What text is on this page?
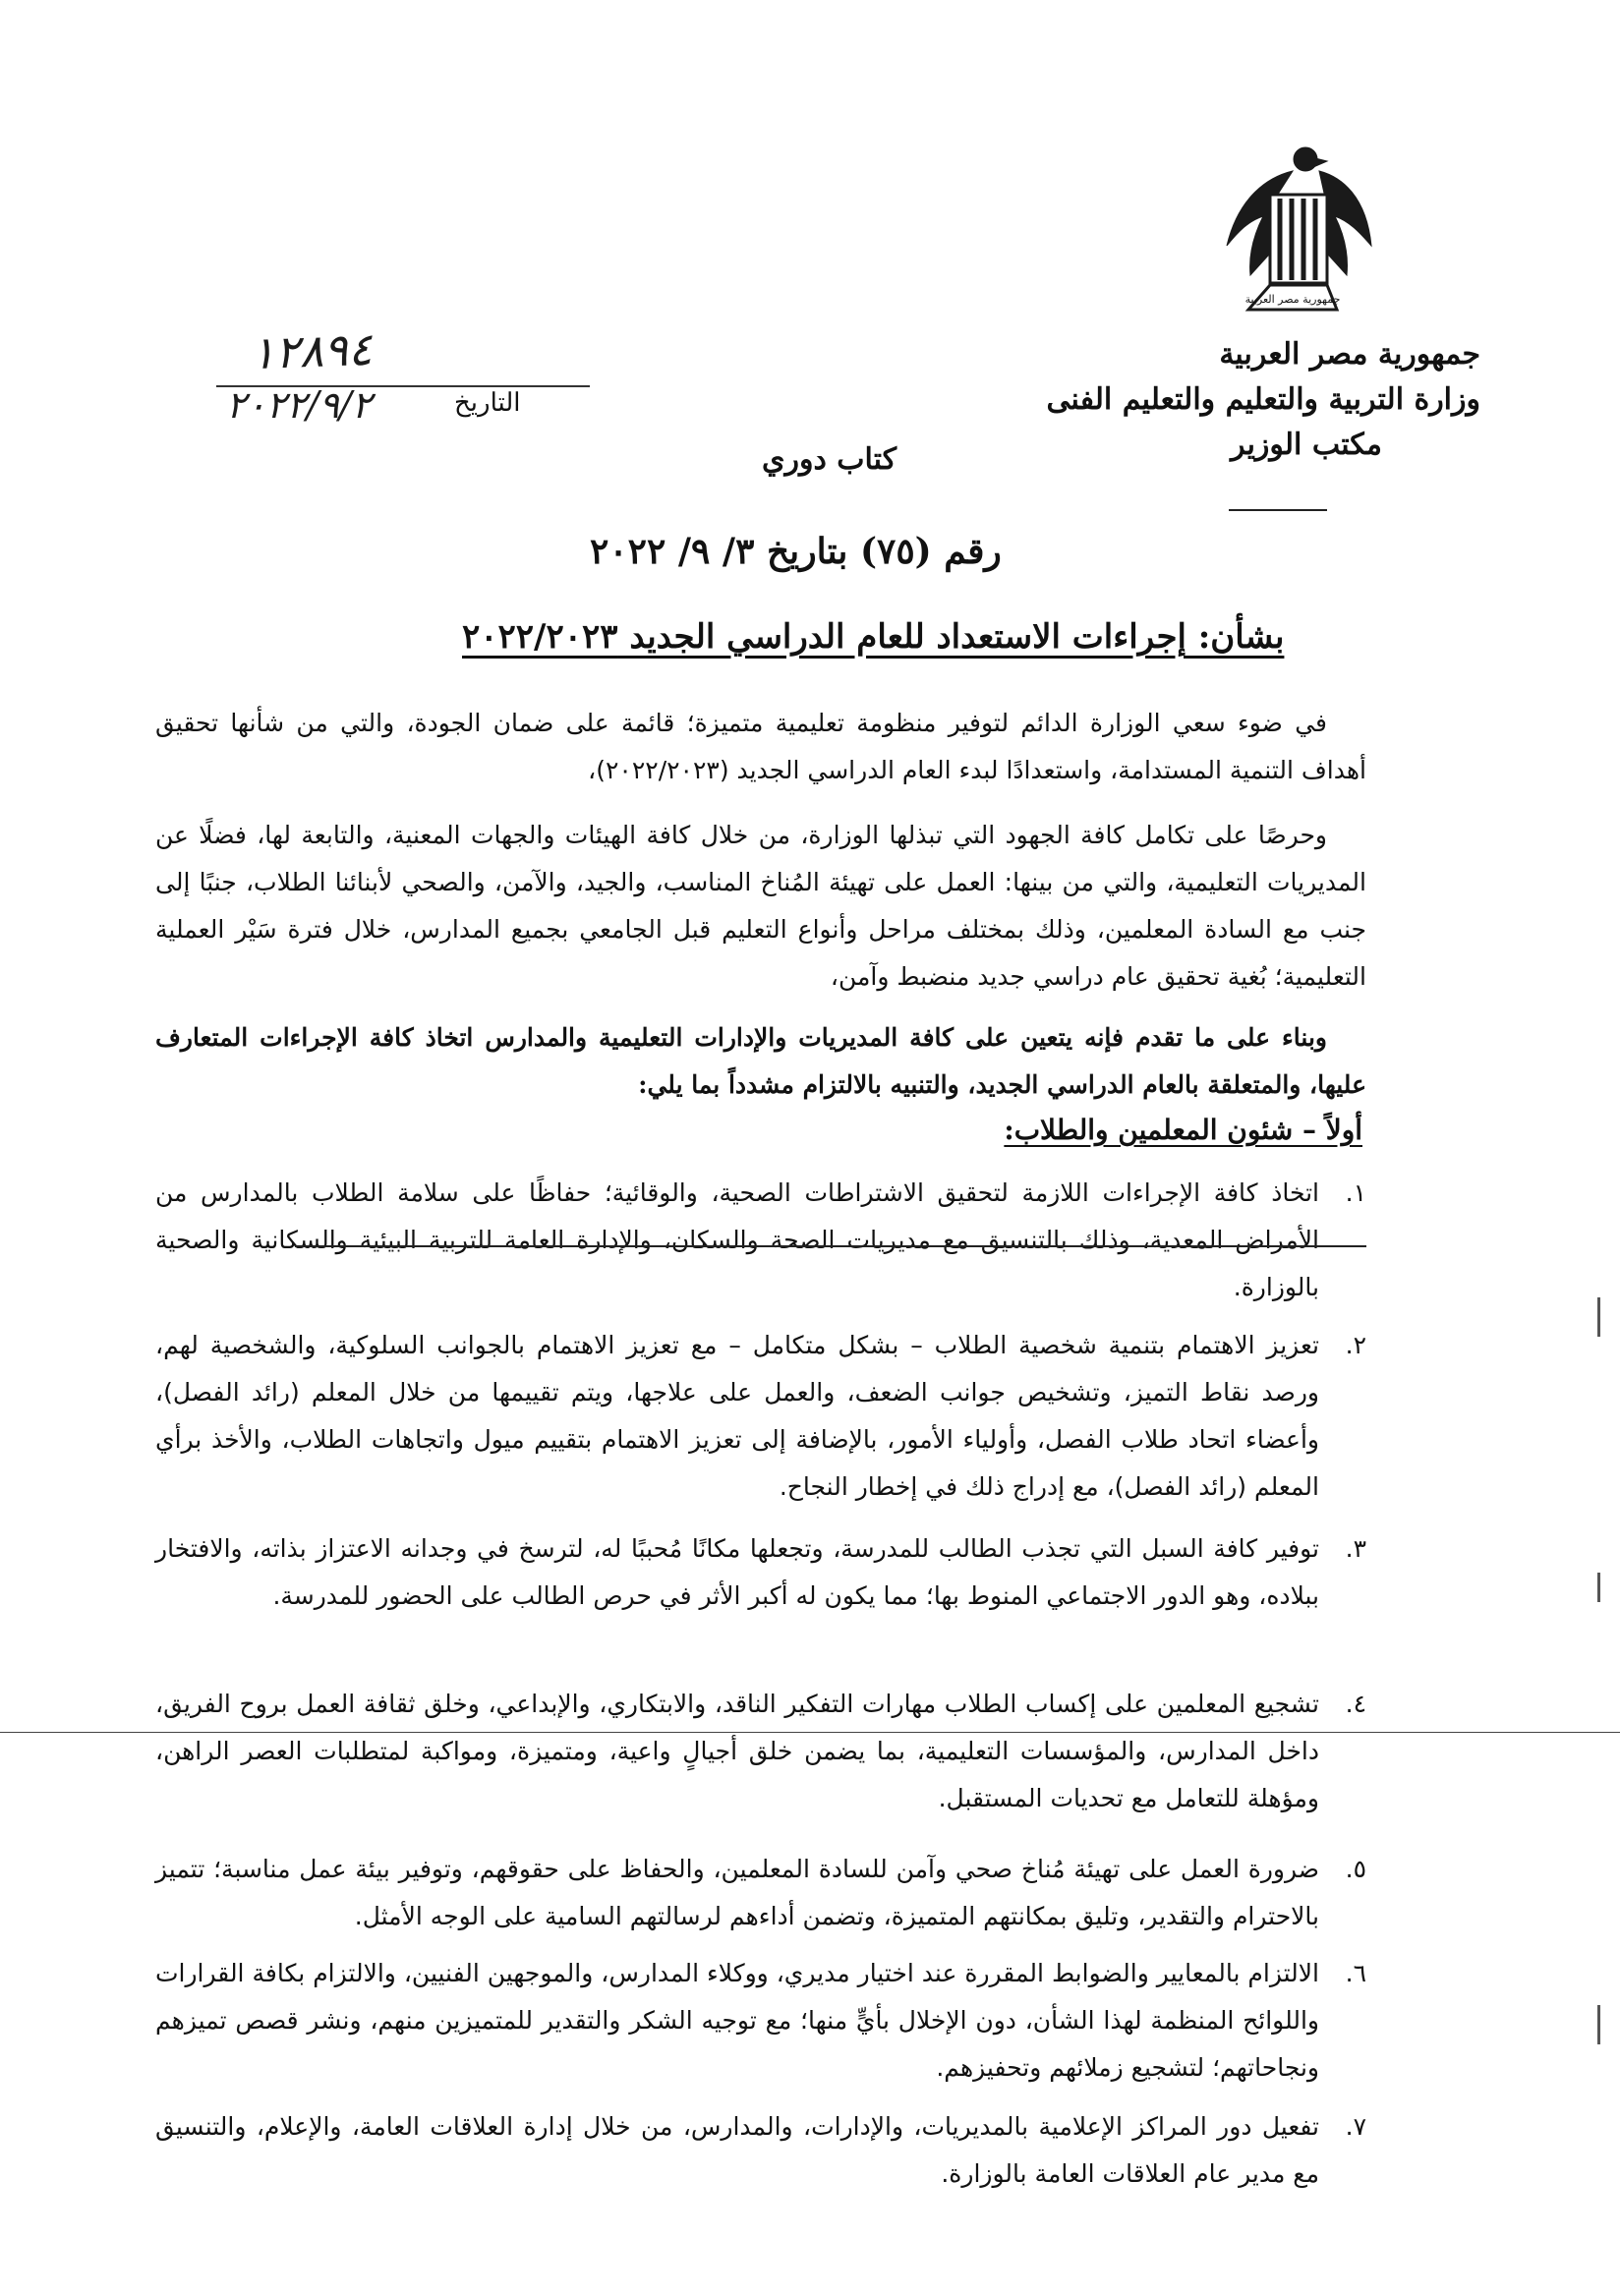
جمهورية مصر العربية
جمهورية مصر العربية
وزارة التربية والتعليم والتعليم الفنى
مكتب الوزير
١٢٨٩٤
٢٠٢٢/٩/٢	التاريخ
كتاب دوري
رقم (٧٥) بتاريخ ٣/ ٩/ ٢٠٢٢
بشأن: إجراءات الاستعداد للعام الدراسي الجديد ٢٠٢٢/٢٠٢٣

في ضوء سعي الوزارة الدائم لتوفير منظومة تعليمية متميزة؛ قائمة على ضمان الجودة، والتي من شأنها تحقيق أهداف التنمية المستدامة، واستعدادًا لبدء العام الدراسي الجديد (٢٠٢٢/٢٠٢٣)،

وحرصًا على تكامل كافة الجهود التي تبذلها الوزارة، من خلال كافة الهيئات والجهات المعنية، والتابعة لها، فضلًا عن المديريات التعليمية، والتي من بينها: العمل على تهيئة المُناخ المناسب، والجيد، والآمن، والصحي لأبنائنا الطلاب، جنبًا إلى جنب مع السادة المعلمين، وذلك بمختلف مراحل وأنواع التعليم قبل الجامعي بجميع المدارس، خلال فترة سَيْر العملية التعليمية؛ بُغية تحقيق عام دراسي جديد منضبط وآمن،

وبناء على ما تقدم فإنه يتعين على كافة المديريات والإدارات التعليمية والمدارس اتخاذ كافة الإجراءات المتعارف عليها، والمتعلقة بالعام الدراسي الجديد، والتنبيه بالالتزام مشدداً بما يلي:

أولاً – شئون المعلمين والطلاب:
١.
اتخاذ كافة الإجراءات اللازمة لتحقيق الاشتراطات الصحية، والوقائية؛ حفاظًا على سلامة الطلاب بالمدارس من الأمراض المعدية، وذلك بالتنسيق مع مديريات الصحة والسكان، والإدارة العامة للتربية البيئية والسكانية والصحية بالوزارة.
٢.
تعزيز الاهتمام بتنمية شخصية الطلاب – بشكل متكامل – مع تعزيز الاهتمام بالجوانب السلوكية، والشخصية لهم، ورصد نقاط التميز، وتشخيص جوانب الضعف، والعمل على علاجها، ويتم تقييمها من خلال المعلم (رائد الفصل)، وأعضاء اتحاد طلاب الفصل، وأولياء الأمور، بالإضافة إلى تعزيز الاهتمام بتقييم ميول واتجاهات الطلاب، والأخذ برأي المعلم (رائد الفصل)، مع إدراج ذلك في إخطار النجاح.
٣.
توفير كافة السبل التي تجذب الطالب للمدرسة، وتجعلها مكانًا مُحببًا له، لترسخ في وجدانه الاعتزاز بذاته، والافتخار ببلاده، وهو الدور الاجتماعي المنوط بها؛ مما يكون له أكبر الأثر في حرص الطالب على الحضور للمدرسة.
٤.
تشجيع المعلمين على إكساب الطلاب مهارات التفكير الناقد، والابتكاري، والإبداعي، وخلق ثقافة العمل بروح الفريق، داخل المدارس، والمؤسسات التعليمية، بما يضمن خلق أجيالٍ واعية، ومتميزة، ومواكبة لمتطلبات العصر الراهن، ومؤهلة للتعامل مع تحديات المستقبل.
٥.
ضرورة العمل على تهيئة مُناخ صحي وآمن للسادة المعلمين، والحفاظ على حقوقهم، وتوفير بيئة عمل مناسبة؛ تتميز بالاحترام والتقدير، وتليق بمكانتهم المتميزة، وتضمن أداءهم لرسالتهم السامية على الوجه الأمثل.
٦.
الالتزام بالمعايير والضوابط المقررة عند اختيار مديري، ووكلاء المدارس، والموجهين الفنيين، والالتزام بكافة القرارات واللوائح المنظمة لهذا الشأن، دون الإخلال بأيٍّ منها؛ مع توجيه الشكر والتقدير للمتميزين منهم، ونشر قصص تميزهم ونجاحاتهم؛ لتشجيع زملائهم وتحفيزهم.
٧.
تفعيل دور المراكز الإعلامية بالمديريات، والإدارات، والمدارس، من خلال إدارة العلاقات العامة، والإعلام، والتنسيق مع مدير عام العلاقات العامة بالوزارة.
